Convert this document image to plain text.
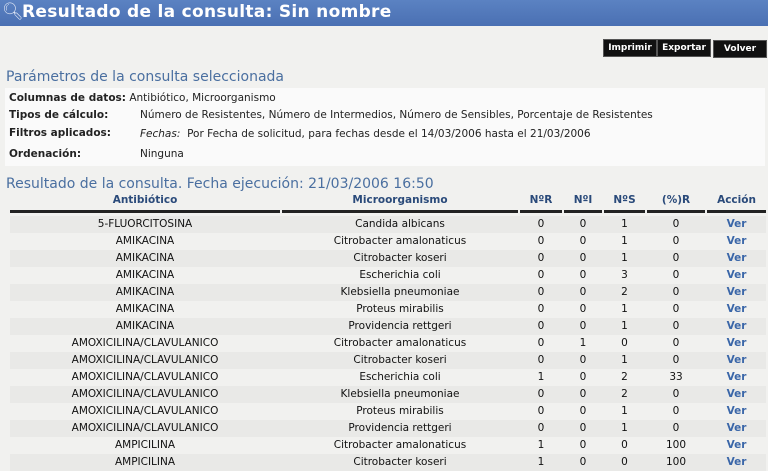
🔍︎
Resultado de la consulta: Sin nombre
Imprimir	Exportar	Volver
Parámetros de la consulta seleccionada
Columnas de datos: Antibiótico, Microorganismo
Tipos de cálculo:	Número de Resistentes, Número de Intermedios, Número de Sensibles, Porcentaje de Resistentes
Filtros aplicados:	Fechas: Por Fecha de solicitud, para fechas desde el 14/03/2006 hasta el 21/03/2006
Ordenación:	Ninguna
Resultado de la consulta. Fecha ejecución: 21/03/2006 16:50
Antibiótico	Microorganismo	NºR	NºI	NºS	(%)R	Acción
5-FLUORCITOSINA	Candida albicans	0	0	1	0	Ver
AMIKACINA	Citrobacter amalonaticus	0	0	1	0	Ver
AMIKACINA	Citrobacter koseri	0	0	1	0	Ver
AMIKACINA	Escherichia coli	0	0	3	0	Ver
AMIKACINA	Klebsiella pneumoniae	0	0	2	0	Ver
AMIKACINA	Proteus mirabilis	0	0	1	0	Ver
AMIKACINA	Providencia rettgeri	0	0	1	0	Ver
AMOXICILINA/CLAVULANICO	Citrobacter amalonaticus	0	1	0	0	Ver
AMOXICILINA/CLAVULANICO	Citrobacter koseri	0	0	1	0	Ver
AMOXICILINA/CLAVULANICO	Escherichia coli	1	0	2	33	Ver
AMOXICILINA/CLAVULANICO	Klebsiella pneumoniae	0	0	2	0	Ver
AMOXICILINA/CLAVULANICO	Proteus mirabilis	0	0	1	0	Ver
AMOXICILINA/CLAVULANICO	Providencia rettgeri	0	0	1	0	Ver
AMPICILINA	Citrobacter amalonaticus	1	0	0	100	Ver
AMPICILINA	Citrobacter koseri	1	0	0	100	Ver
